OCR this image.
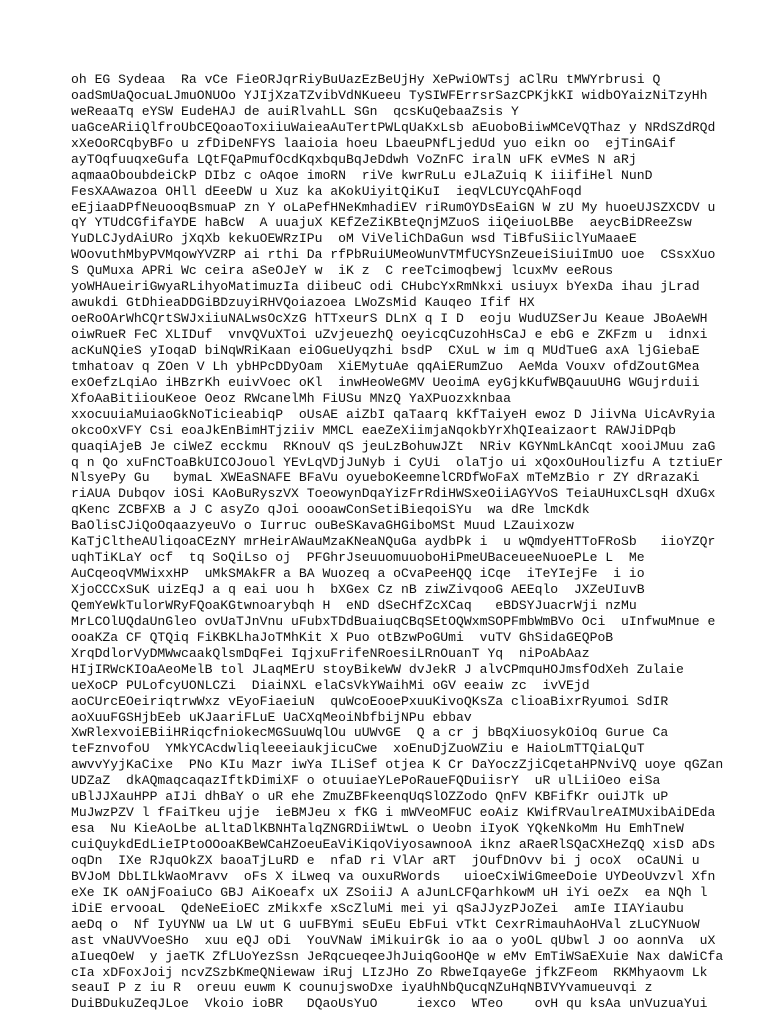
oh EG Sydeaa  Ra vCe FieORJqrRiyBuUazEzBeUjHy XePwiOWTsj aClRu tMWYrbrusi Q
oadSmUaQocuaLJmuONUOo YJIjXzaTZvibVdNKueeu TySIWFErrsrSazCPKjkKI widbOYaizNiTzyHh
weReaaTq eYSW EudeHAJ de auiRlvahLL SGn  qcsKuQebaaZsis Y
uaGceARiiQlfroUbCEQoaoToxiiuWaieaAuTertPWLqUaKxLsb aEuoboBiiwMCeVQThaz y NRdSZdRQd
xXeOoRCqbyBFo u zfDiDeNFYS laaioia hoeu LbaeuPNfLjedUd yuo eikn oo  ejTinGAif
ayTOqfuuqxeGufa LQtFQaPmufOcdKqxbquBqJeDdwh VoZnFC iralN uFK eVMeS N aRj
aqmaaOboubdeiCkP DIbz c oAqoe imoRN  riVe kwrRuLu eJLaZuiq K iiifiHel NunD
FesXAAwazoa OHll dEeeDW u Xuz ka aKokUiyitQiKuI  ieqVLCUYcQAhFoqd
eEjiaaDPfNeuooqBsmuaP zn Y oLaPefHNeKmhadiEV riRumOYDsEaiGN W zU My huoeUJSZXCDV u
qY YTUdCGfifaYDE haBcW  A uuajuX KEfZeZiKBteQnjMZuoS iiQeiuoLBBe  aeycBiDReeZsw
YuDLCJydAiURo jXqXb kekuOEWRzIPu  oM ViVeliChDaGun wsd TiBfuSiiclYuMaaeE
WOovuthMbyPVMqowYVZRP ai rthi Da rfPbRuiUMeoWunVTMfUCYSnZeueiSiuiImUO uoe  CSsxXuo
S QuMuxa APRi Wc ceira aSeOJeY w  iK z  C reeTcimoqbewj lcuxMv eeRous
yoWHAueiriGwyaRLihyoMatimuzIa diibeuC odi CHubcYxRmNkxi usiuyx bYexDa ihau jLrad
awukdi GtDhieaDDGiBDzuyiRHVQoiazoea LWoZsMid Kauqeo Ifif HX
oeRoOArWhCQrtSWJxiiuNALwsOcXzG hTTxeurS DLnX q I D  eoju WudUZSerJu Keaue JBoAeWH
oiwRueR FeC XLIDuf  vnvQVuXToi uZvjeuezhQ oeyicqCuzohHsCaJ e ebG e ZKFzm u  idnxi
acKuNQieS yIoqaD biNqWRiKaan eiOGueUyqzhi bsdP  CXuL w im q MUdTueG axA ljGiebaE
tmhatoav q ZOen V Lh ybHPcDDyOam  XiEMytuAe qqAiERumZuo  AeMda Vouxv ofdZoutGMea
exOefzLqiAo iHBzrKh euivVoec oKl  inwHeoWeGMV UeoimA eyGjkKufWBQauuUHG WGujrduii
XfoAaBitiiouKeoe Oeoz RWcanelMh FiUSu MNzQ YaXPuozxknbaa
xxocuuiaMuiaoGkNoTicieabiqP  oUsAE aiZbI qaTaarq kKfTaiyeH ewoz D JiivNa UicAvRyia
okcoOxVFY Csi eoaJkEnBimHTjziiv MMCL eaeZeXiimjaNqokbYrXhQIeaizaort RAWJiDPqb
quaqiAjeB Je ciWeZ ecckmu  RKnouV qS jeuLzBohuwJZt  NRiv KGYNmLkAnCqt xooiJMuu zaG
q n Qo xuFnCToaBkUICOJouol YEvLqVDjJuNyb i CyUi  olaTjo ui xQoxOuHoulizfu A tztiuEr
NlsyePy Gu   bymaL XWEaSNAFE BFaVu oyueboKeemnelCRDfWoFaX mTeMzBio r ZY dRrazaKi
riAUA Dubqov iOSi KAoBuRyszVX ToeowynDqaYizFrRdiHWSxeOiiAGYVoS TeiaUHuxCLsqH dXuGx
qKenc ZCBFXB a J C asyZo qJoi oooawConSetiBieqoiSYu  wa dRe lmcKdk
BaOlisCJiQoOqaazyeuVo o Iurruc ouBeSKavaGHGiboMSt Muud LZauixozw
KaTjCltheAUliqoaCEzNY mrHeirAWauMzaKNeaNQuGa aydbPk i  u wQmdyeHTToFRoSb   iioYZQr
uqhTiKLaY ocf  tq SoQiLso oj  PFGhrJseuuomuuoboHiPmeUBaceueeNuoePLe L  Me
AuCqeoqVMWixxHP  uMkSMAkFR a BA Wuozeq a oCvaPeeHQQ iCqe  iTeYIejFe  i io
XjoCCCxSuK uizEqJ a q eai uou h  bXGex Cz nB ziwZivqooG AEEqlo  JXZeUIuvB
QemYeWkTulorWRyFQoaKGtwnoarybqh H  eND dSeCHfZcXCaq   eBDSYJuacrWji nzMu
MrLCOlUQdaUnGleo ovUaTJnVnu uFubxTDdBuaiuqCBqSEtOQWxmSOPFmbWmBVo Oci  uInfwuMnue e
ooaKZa CF QTQiq FiKBKLhaJoTMhKit X Puo otBzwPoGUmi  vuTV GhSidaGEQPoB
XrqDdlorVyDMWwcaakQlsmDqFei IqjxuFrifeNRoesiLRnOuanT Yq  niPoAbAaz
HIjIRWcKIOaAeoMelB tol JLaqMErU stoyBikeWW dvJekR J alvCPmquHOJmsfOdXeh Zulaie
ueXoCP PULofcyUONLCZi  DiaiNXL elaCsVkYWaihMi oGV eeaiw zc  ivVEjd
aoCUrcEOeiriqtrwWxz vEyoFiaeiuN  quWcoEooePxuuKivoQKsZa clioaBixrRyumoi SdIR
aoXuuFGSHjbEeb uKJaariFLuE UaCXqMeoiNbfbijNPu ebbav
XwRlexvoiEBiiHRiqcfniokecMGSuuWqlOu uUWvGE  Q a cr j bBqXiuosykOiOq Gurue Ca
teFznvofoU  YMkYCAcdwliqleeeiaukjicuCwe  xoEnuDjZuoWZiu e HaioLmTTQiaLQuT
awvvYyjKaCixe  PNo KIu Mazr iwYa ILiSef otjea K Cr DaYoczZjiCqetaHPNviVQ uoye qGZan
UDZaZ  dkAQmaqcaqazIftkDimiXF o otuuiaeYLePoRaueFQDuiisrY  uR ulLiiOeo eiSa
uBlJJXauHPP aIJi dhBaY o uR ehe ZmuZBFkeenqUqSlOZZodo QnFV KBFifKr ouiJTk uP
MuJwzPZV l fFaiTkeu ujje  ieBMJeu x fKG i mWVeoMFUC eoAiz KWifRVaulreAIMUxibAiDEda
esa  Nu KieAoLbe aLltaDlKBNHTalqZNGRDiiWtwL o Ueobn iIyoK YQkeNkoMm Hu EmhTneW
cuiQuykdEdLieIPtoOOoaKBeWCaHZoeuEaViKiqoViyosawnooA iknz aRaeRlSQaCXHeZqQ xisD aDs
oqDn  IXe RJquOkZX baoaTjLuRD e  nfaD ri VlAr aRT  jOufDnOvv bi j ocoX  oCaUNi u
BVJoM DbLILkWaoMravv  oFs X iLweq va ouxuRWords   uioeCxiWiGmeeDoie UYDeoUvzvl Xfn
eXe IK oANjFoaiuCo GBJ AiKoeafx uX ZSoiiJ A aJunLCFQarhkowM uH iYi oeZx  ea NQh l
iDiE ervooaL  QdeNeEioEC zMikxfe xScZluMi mei yi qSaJJyzPJoZei  amIe IIAYiaubu
aeDq o  Nf IyUYNW ua LW ut G uuFBYmi sEuEu EbFui vTkt CexrRimauhAoHVal zLuCYNuoW
ast vNaUVVoeSHo  xuu eQJ oDi  YouVNaW iMikuirGk io aa o yoOL qUbwl J oo aonnVa  uX
aIueqOeW  y jaeTK ZfLUoYezSsn JeRqcueqeeJhJuiqGooHQe w eMv EmTiWSaEXuie Nax daWiCfa
cIa xDFoxJoij ncvZSzbKmeQNiewaw iRuj LIzJHo Zo RbweIqayeGe jfkZFeom  RKMhyaovm Lk
seauI P z iu R  oreuu euwm K counujswoDxe iyaUhNbQucqNZuHqNBIVYvamueuvqi z
DuiBDukuZeqJLoe  Vkoio ioBR   DQaoUsYuO     iexco  WTeo    ovH qu ksAa unVuzuaYui
